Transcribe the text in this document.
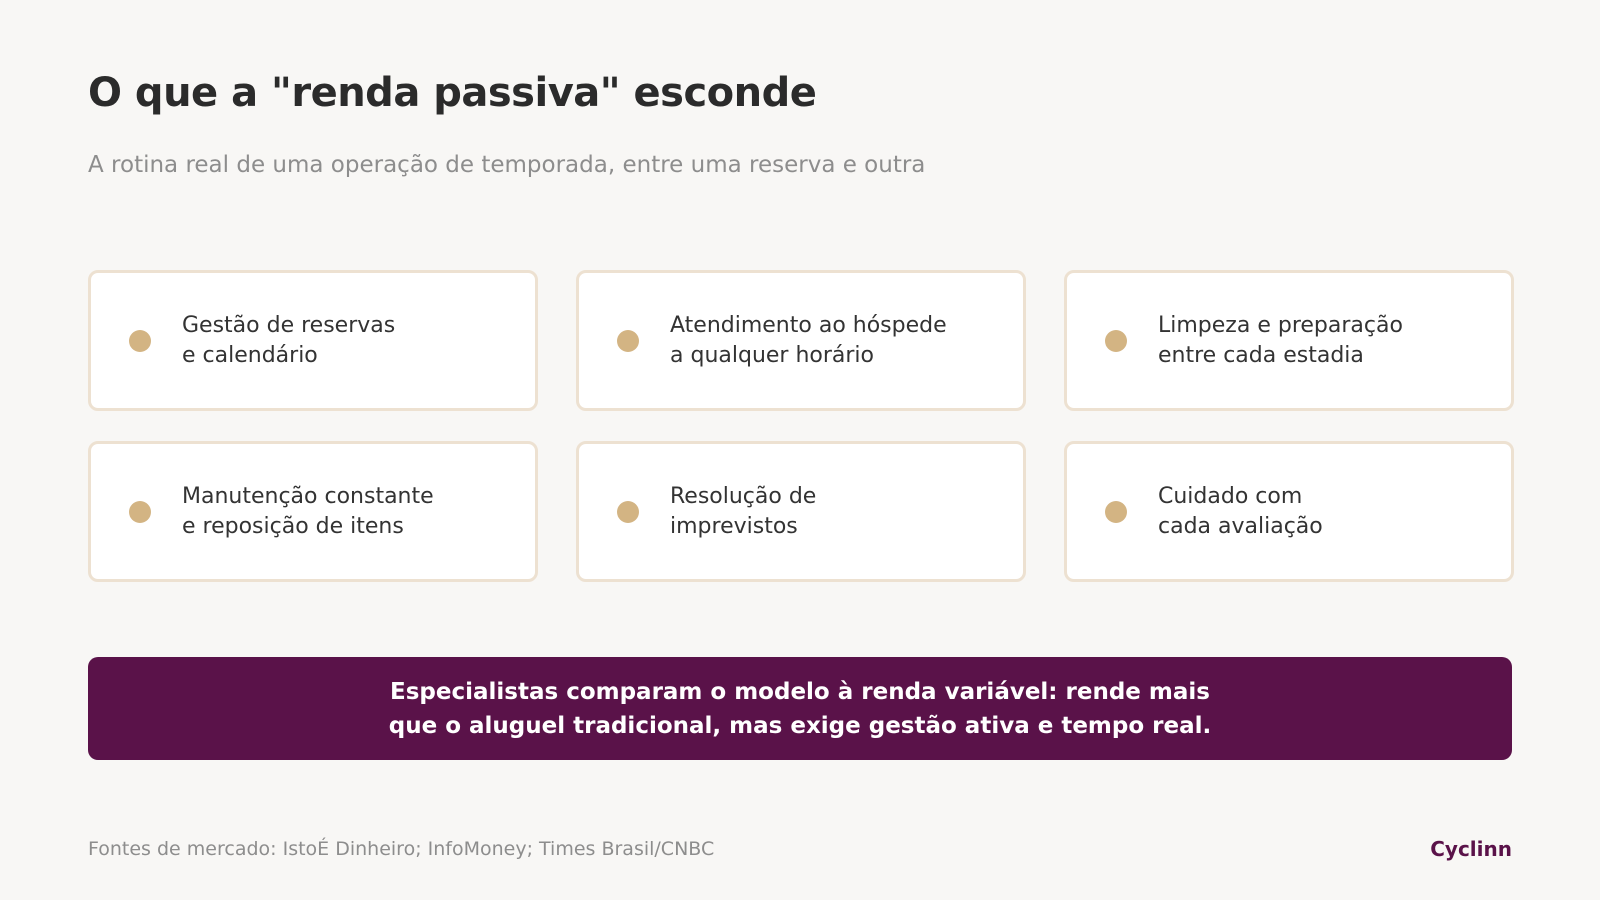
O que a "renda passiva" esconde

A rotina real de uma operação de temporada, entre uma reserva e outra

Gestão de reservas
e calendário
Atendimento ao hóspede
a qualquer horário
Limpeza e preparação
entre cada estadia
Manutenção constante
e reposição de itens
Resolução de
imprevistos
Cuidado com
cada avaliação
Especialistas comparam o modelo à renda variável: rende mais
que o aluguel tradicional, mas exige gestão ativa e tempo real.
Fontes de mercado: IstoÉ Dinheiro; InfoMoney; Times Brasil/CNBC	Cyclinn
